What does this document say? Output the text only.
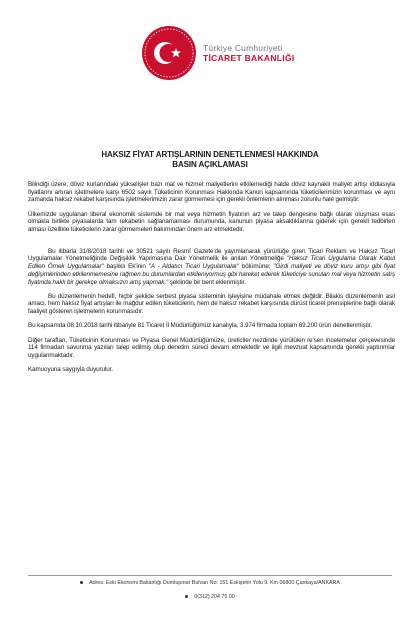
Türkiye Cumhuriyeti
TİCARET BAKANLIĞI
HAKSIZ FİYAT ARTIŞLARININ DENETLENMESİ HAKKINDA
BASIN AÇIKLAMASI

Bilindiği üzere, döviz kurlarındaki yükselişler bazı mal ve hizmet maliyetlerini etkilemediği halde döviz kaynaklı maliyet artışı iddiasıyla fiyatlarını artıran işletmelere karşı 6502 sayılı Tüketicinin Korunması Hakkında Kanun kapsamında tüketicilerimizin korunması ve aynı zamanda haksız rekabet karşısında işletmelerimizin zarar görmemesi için gerekli önlemlerin alınması zorunlu hale gelmiştir.

Ülkemizde uygulanan liberal ekonomik sistemde bir mal veya hizmetin fiyatının arz ve talep dengesine bağlı olarak oluşması esas olmakla birlikte piyasalarda tam rekabetin sağlanamaması durumunda, kanunun piyasa aksaklıklarına giderek için gerekli tedbirleri alması özellikle tüketicilerin zarar görmemeleri bakımından önem arz etmektedir.

Bu itibarla 31/8/2018 tarihli ve 30521 sayılı Resmî Gazete'de yayımlanarak yürürlüğe giren Ticari Reklam ve Haksız Ticari Uygulamalar Yönetmeliğinde Değişiklik Yapılmasına Dair Yönetmelik ile anılan Yönetmeliğe "Haksız Ticari Uygulama Olarak Kabul Edilen Örnek Uygulamalar" başlıklı Ek'inin "A - Aldatıcı Ticari Uygulamalar" bölümüne; "Girdi maliyeti ve döviz kuru artışı gibi fiyat değişimlerinden etkilenmemesine rağmen bu durumlardan etkileniyormuş gibi hareket ederek tüketiciye sunulan mal veya hizmetin satış fiyatında haklı bir gerekçe olmaksızın artış yapmak." şeklinde bir bent eklenmiştir.

Bu düzenlemenin hedefi, hiçbir şekilde serbest piyasa sisteminin işleyişine müdahale etmek değildir. Bilakis düzenlemenin asıl amacı, hem haksız fiyat artışları ile mağdur edilen tüketicilerin, hem de haksız rekabet karşısında dürüst ticaret prensiplerine bağlı olarak faaliyet gösteren işletmelerin korunmasıdır.

Bu kapsamda 08.10.2018 tarihi itibariyle 81 Ticaret İl Müdürlüğümüz kanalıyla, 3.974 firmada toplam 69.200 ürün denetlenmiştir.

Diğer taraftan, Tüketicinin Korunması ve Piyasa Genel Müdürlüğümüze, üreticiler nezdinde yürütülen re'sen incelemeler çerçevesinde 114 firmadan savunma yazıları talep edilmiş olup denetim süreci devam etmektedir ve ilgili mevzuat kapsamında gerekli yaptırımlar uygulanmaktadır.

Kamuoyuna saygıyla duyurulur.

Adres: Eski Ekonomi Bakanlığı Dumlupınar Bulvarı No: 151 Eskişehir Yolu 9. Km 06800 Çankaya/ANKARA
0(312) 204 75 00
